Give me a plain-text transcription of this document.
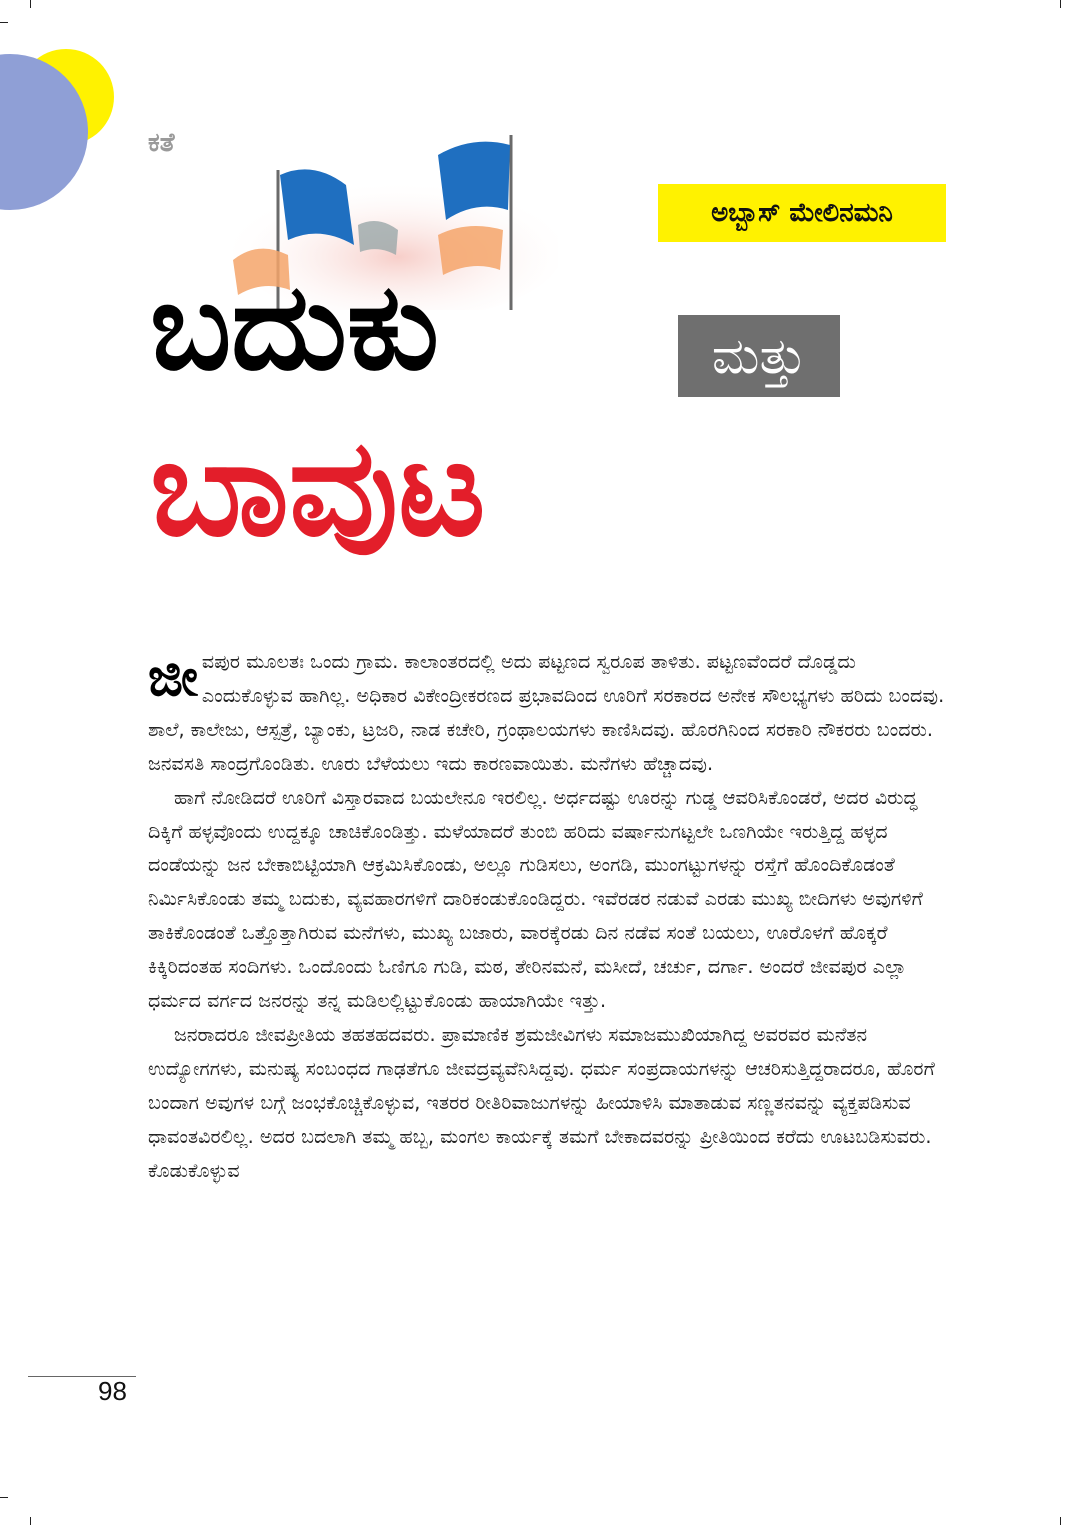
ಕತೆ
ಅಬ್ಬಾಸ್ ಮೇಲಿನಮನಿ
ಬದುಕು	ಮತ್ತು
ಬಾವುಟ

ಜೀವಪುರ ಮೂಲತಃ ಒಂದು ಗ್ರಾಮ. ಕಾಲಾಂತರದಲ್ಲಿ ಅದು ಪಟ್ಟಣದ ಸ್ವರೂಪ ತಾಳಿತು. ಪಟ್ಟಣವೆಂದರೆ ದೊಡ್ಡದು ಎಂದುಕೊಳ್ಳುವ ಹಾಗಿಲ್ಲ. ಅಧಿಕಾರ ವಿಕೇಂದ್ರೀಕರಣದ ಪ್ರಭಾವದಿಂದ ಊರಿಗೆ ಸರಕಾರದ ಅನೇಕ ಸೌಲಭ್ಯಗಳು ಹರಿದು ಬಂದವು. ಶಾಲೆ, ಕಾಲೇಜು, ಆಸ್ಪತ್ರೆ, ಬ್ಯಾಂಕು, ಟ್ರಜರಿ, ನಾಡ ಕಚೇರಿ, ಗ್ರಂಥಾಲಯಗಳು ಕಾಣಿಸಿದವು. ಹೊರಗಿನಿಂದ ಸರಕಾರಿ ನೌಕರರು ಬಂದರು. ಜನವಸತಿ ಸಾಂದ್ರಗೊಂಡಿತು. ಊರು ಬೆಳೆಯಲು ಇದು ಕಾರಣವಾಯಿತು. ಮನೆಗಳು ಹೆಚ್ಚಾದವು.

ಹಾಗೆ ನೋಡಿದರೆ ಊರಿಗೆ ವಿಸ್ತಾರವಾದ ಬಯಲೇನೂ ಇರಲಿಲ್ಲ. ಅರ್ಧದಷ್ಟು ಊರನ್ನು ಗುಡ್ಡ ಆವರಿಸಿಕೊಂಡರೆ, ಅದರ ವಿರುದ್ಧ ದಿಕ್ಕಿಗೆ ಹಳ್ಳವೊಂದು ಉದ್ದಕ್ಕೂ ಚಾಚಿಕೊಂಡಿತ್ತು. ಮಳೆಯಾದರೆ ತುಂಬಿ ಹರಿದು ವರ್ಷಾನುಗಟ್ಟಲೇ ಒಣಗಿಯೇ ಇರುತ್ತಿದ್ದ ಹಳ್ಳದ ದಂಡೆಯನ್ನು ಜನ ಬೇಕಾಬಿಟ್ಟಿಯಾಗಿ ಆಕ್ರಮಿಸಿಕೊಂಡು, ಅಲ್ಲೂ ಗುಡಿಸಲು, ಅಂಗಡಿ, ಮುಂಗಟ್ಟುಗಳನ್ನು ರಸ್ತೆಗೆ ಹೊಂದಿಕೊಡಂತೆ ನಿರ್ಮಿಸಿಕೊಂಡು ತಮ್ಮ ಬದುಕು, ವ್ಯವಹಾರಗಳಿಗೆ ದಾರಿಕಂಡುಕೊಂಡಿದ್ದರು. ಇವೆರಡರ ನಡುವೆ ಎರಡು ಮುಖ್ಯ ಬೀದಿಗಳು ಅವುಗಳಿಗೆ ತಾಕಿಕೊಂಡಂತೆ ಒತ್ತೊತ್ತಾಗಿರುವ ಮನೆಗಳು, ಮುಖ್ಯ ಬಜಾರು, ವಾರಕ್ಕೆರಡು ದಿನ ನಡೆವ ಸಂತೆ ಬಯಲು, ಊರೊಳಗೆ ಹೊಕ್ಕರೆ ಕಿಕ್ಕಿರಿದಂತಹ ಸಂದಿಗಳು. ಒಂದೊಂದು ಓಣಿಗೂ ಗುಡಿ, ಮಠ, ತೇರಿನಮನೆ, ಮಸೀದೆ, ಚರ್ಚು, ದರ್ಗಾ. ಅಂದರೆ ಜೀವಪುರ ಎಲ್ಲಾ ಧರ್ಮದ ವರ್ಗದ ಜನರನ್ನು ತನ್ನ ಮಡಿಲಲ್ಲಿಟ್ಟುಕೊಂಡು ಹಾಯಾಗಿಯೇ ಇತ್ತು.

ಜನರಾದರೂ ಜೀವಪ್ರೀತಿಯ ತಹತಹದವರು. ಪ್ರಾಮಾಣಿಕ ಶ್ರಮಜೀವಿಗಳು ಸಮಾಜಮುಖಿಯಾಗಿದ್ದ ಅವರವರ ಮನೆತನ ಉದ್ಯೋಗಗಳು, ಮನುಷ್ಯ ಸಂಬಂಧದ ಗಾಢತೆಗೂ ಜೀವದ್ರವ್ಯವೆನಿಸಿದ್ದವು. ಧರ್ಮ ಸಂಪ್ರದಾಯಗಳನ್ನು ಆಚರಿಸುತ್ತಿದ್ದರಾದರೂ, ಹೊರಗೆ ಬಂದಾಗ ಅವುಗಳ ಬಗ್ಗೆ ಜಂಭಕೊಚ್ಚಿಕೊಳ್ಳುವ, ಇತರರ ರೀತಿರಿವಾಜುಗಳನ್ನು ಹೀಯಾಳಿಸಿ ಮಾತಾಡುವ ಸಣ್ಣತನವನ್ನು ವ್ಯಕ್ತಪಡಿಸುವ ಧಾವಂತವಿರಲಿಲ್ಲ. ಅದರ ಬದಲಾಗಿ ತಮ್ಮ ಹಬ್ಬ, ಮಂಗಲ ಕಾರ್ಯಕ್ಕೆ ತಮಗೆ ಬೇಕಾದವರನ್ನು ಪ್ರೀತಿಯಿಂದ ಕರೆದು ಊಟಬಡಿಸುವರು. ಕೊಡುಕೊಳ್ಳುವ

98
